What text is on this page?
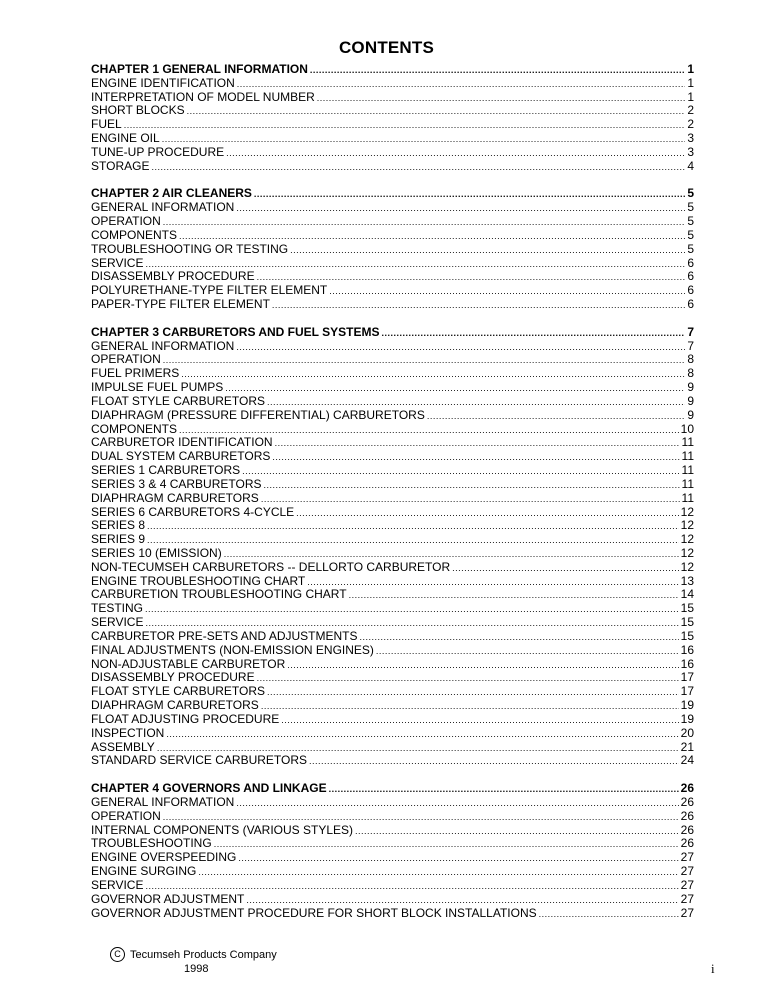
CONTENTS
CHAPTER 1 GENERAL INFORMATION .....	1
ENGINE IDENTIFICATION .....	1
INTERPRETATION OF MODEL NUMBER .....	1
SHORT BLOCKS .....	2
FUEL .....	2
ENGINE OIL .....	3
TUNE-UP PROCEDURE .....	3
STORAGE .....	4
CHAPTER 2 AIR CLEANERS .....	5
GENERAL INFORMATION .....	5
OPERATION .....	5
COMPONENTS .....	5
TROUBLESHOOTING OR TESTING .....	5
SERVICE .....	6
DISASSEMBLY PROCEDURE .....	6
POLYURETHANE-TYPE FILTER ELEMENT .....	6
PAPER-TYPE FILTER ELEMENT .....	6
CHAPTER 3 CARBURETORS AND FUEL SYSTEMS .....	7
GENERAL INFORMATION .....	7
OPERATION .....	8
FUEL PRIMERS .....	8
IMPULSE FUEL PUMPS .....	9
FLOAT STYLE CARBURETORS .....	9
DIAPHRAGM (PRESSURE DIFFERENTIAL) CARBURETORS .....	9
COMPONENTS .....	10
CARBURETOR IDENTIFICATION .....	11
DUAL SYSTEM CARBURETORS .....	11
SERIES 1 CARBURETORS .....	11
SERIES 3 & 4 CARBURETORS .....	11
DIAPHRAGM CARBURETORS .....	11
SERIES 6 CARBURETORS 4-CYCLE .....	12
SERIES 8 .....	12
SERIES 9 .....	12
SERIES 10 (EMISSION) .....	12
NON-TECUMSEH CARBURETORS -- DELLORTO CARBURETOR .....	12
ENGINE TROUBLESHOOTING CHART .....	13
CARBURETION TROUBLESHOOTING CHART .....	14
TESTING .....	15
SERVICE .....	15
CARBURETOR PRE-SETS AND ADJUSTMENTS .....	15
FINAL ADJUSTMENTS (NON-EMISSION ENGINES) .....	16
NON-ADJUSTABLE CARBURETOR .....	16
DISASSEMBLY PROCEDURE .....	17
FLOAT STYLE CARBURETORS .....	17
DIAPHRAGM CARBURETORS .....	19
FLOAT ADJUSTING PROCEDURE .....	19
INSPECTION .....	20
ASSEMBLY .....	21
STANDARD SERVICE CARBURETORS .....	24
CHAPTER 4 GOVERNORS AND LINKAGE .....	26
GENERAL INFORMATION .....	26
OPERATION .....	26
INTERNAL COMPONENTS (VARIOUS STYLES) .....	26
TROUBLESHOOTING .....	26
ENGINE OVERSPEEDING .....	27
ENGINE SURGING .....	27
SERVICE .....	27
GOVERNOR ADJUSTMENT .....	27
GOVERNOR ADJUSTMENT PROCEDURE FOR SHORT BLOCK INSTALLATIONS .....	27
C Tecumseh Products Company
1998	i
